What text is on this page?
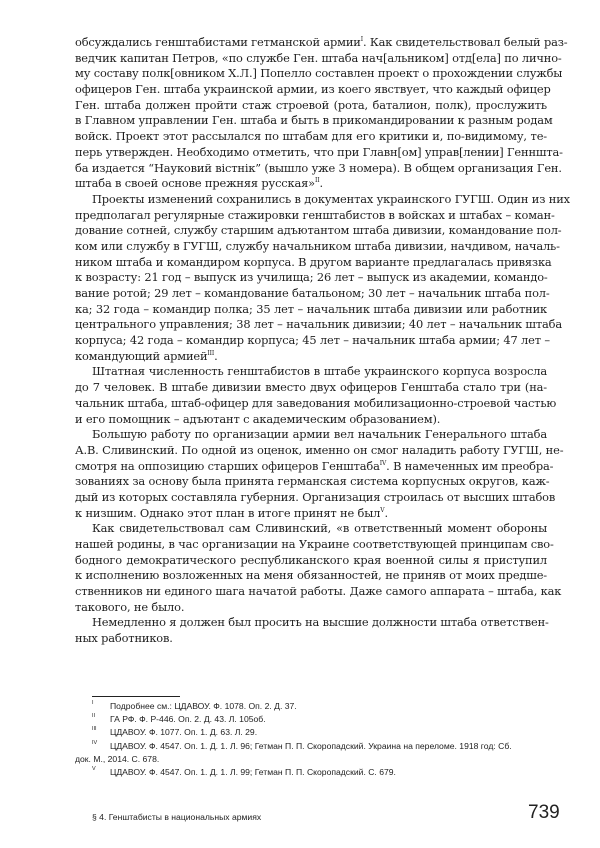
обсуждались генштабистами гетманской армии$^I$. Как свидетельствовал белый раз-
ведчик капитан Петров, «по службе Ген. штаба нач[альником] отд[ела] по лично-
му составу полк[овником Х.Л.] Попелло составлен проект о прохождении службы
офицеров Ген. штаба украинской армии, из коего явствует, что каждый офицер
Ген. штаба должен пройти стаж строевой (рота, баталион, полк), прослужить
в Главном управлении Ген. штаба и быть в прикомандировании к разным родам
войск. Проект этот рассылался по штабам для его критики и, по-видимому, те-
перь утвержден. Необходимо отметить, что при Главн[ом] управ[лении] Генншта-
ба издается “Науковий вістнік” (вышло уже 3 номера). В общем организация Ген.
штаба в своей основе прежняя русская»$^{II}$.
Проекты изменений сохранились в документах украинского ГУГШ. Один из них
предполагал регулярные стажировки генштабистов в войсках и штабах – коман-
дование сотней, службу старшим адъютантом штаба дивизии, командование пол-
ком или службу в ГУГШ, службу начальником штаба дивизии, начдивом, началь-
ником штаба и командиром корпуса. В другом варианте предлагалась привязка
к возрасту: 21 год – выпуск из училища; 26 лет – выпуск из академии, командо-
вание ротой; 29 лет – командование батальоном; 30 лет – начальник штаба пол-
ка; 32 года – командир полка; 35 лет – начальник штаба дивизии или работник
центрального управления; 38 лет – начальник дивизии; 40 лет – начальник штаба
корпуса; 42 года – командир корпуса; 45 лет – начальник штаба армии; 47 лет –
командующий армией$^{III}$.
Штатная численность генштабистов в штабе украинского корпуса возросла
до 7 человек. В штабе дивизии вместо двух офицеров Генштаба стало три (на-
чальник штаба, штаб-офицер для заведования мобилизационно-строевой частью
и его помощник – адъютант с академическим образованием).
Большую работу по организации армии вел начальник Генерального штаба
А.В. Сливинский. По одной из оценок, именно он смог наладить работу ГУГШ, не-
смотря на оппозицию старших офицеров Генштаба$^{IV}$. В намеченных им преобра-
зованиях за основу была принята германская система корпусных округов, каж-
дый из которых составляла губерния. Организация строилась от высших штабов
к низшим. Однако этот план в итоге принят не был$^V$.
Как свидетельствовал сам Сливинский, «в ответственный момент обороны
нашей родины, в час организации на Украине соответствующей принципам сво-
бодного демократического республиканского края военной силы я приступил
к исполнению возложенных на меня обязанностей, не приняв от моих предше-
ственников ни единого шага начатой работы. Даже самого аппарата – штаба, как
такового, не было.
Немедленно я должен был просить на высшие должности штаба ответствен-
ных работников.
I Подробнее см.: ЦДАВОУ. Ф. 1078. Оп. 2. Д. 37.
II ГА РФ. Ф. Р-446. Оп. 2. Д. 43. Л. 105об.
III ЦДАВОУ. Ф. 1077. Оп. 1. Д. 63. Л. 29.
IV ЦДАВОУ. Ф. 4547. Оп. 1. Д. 1. Л. 96; Гетман П. П. Скоропадский. Украина на переломе. 1918 год: Сб.
док. М., 2014. С. 678.
V ЦДАВОУ. Ф. 4547. Оп. 1. Д. 1. Л. 99; Гетман П. П. Скоропадский. С. 679.
§ 4. Генштабисты в национальных армиях	739
